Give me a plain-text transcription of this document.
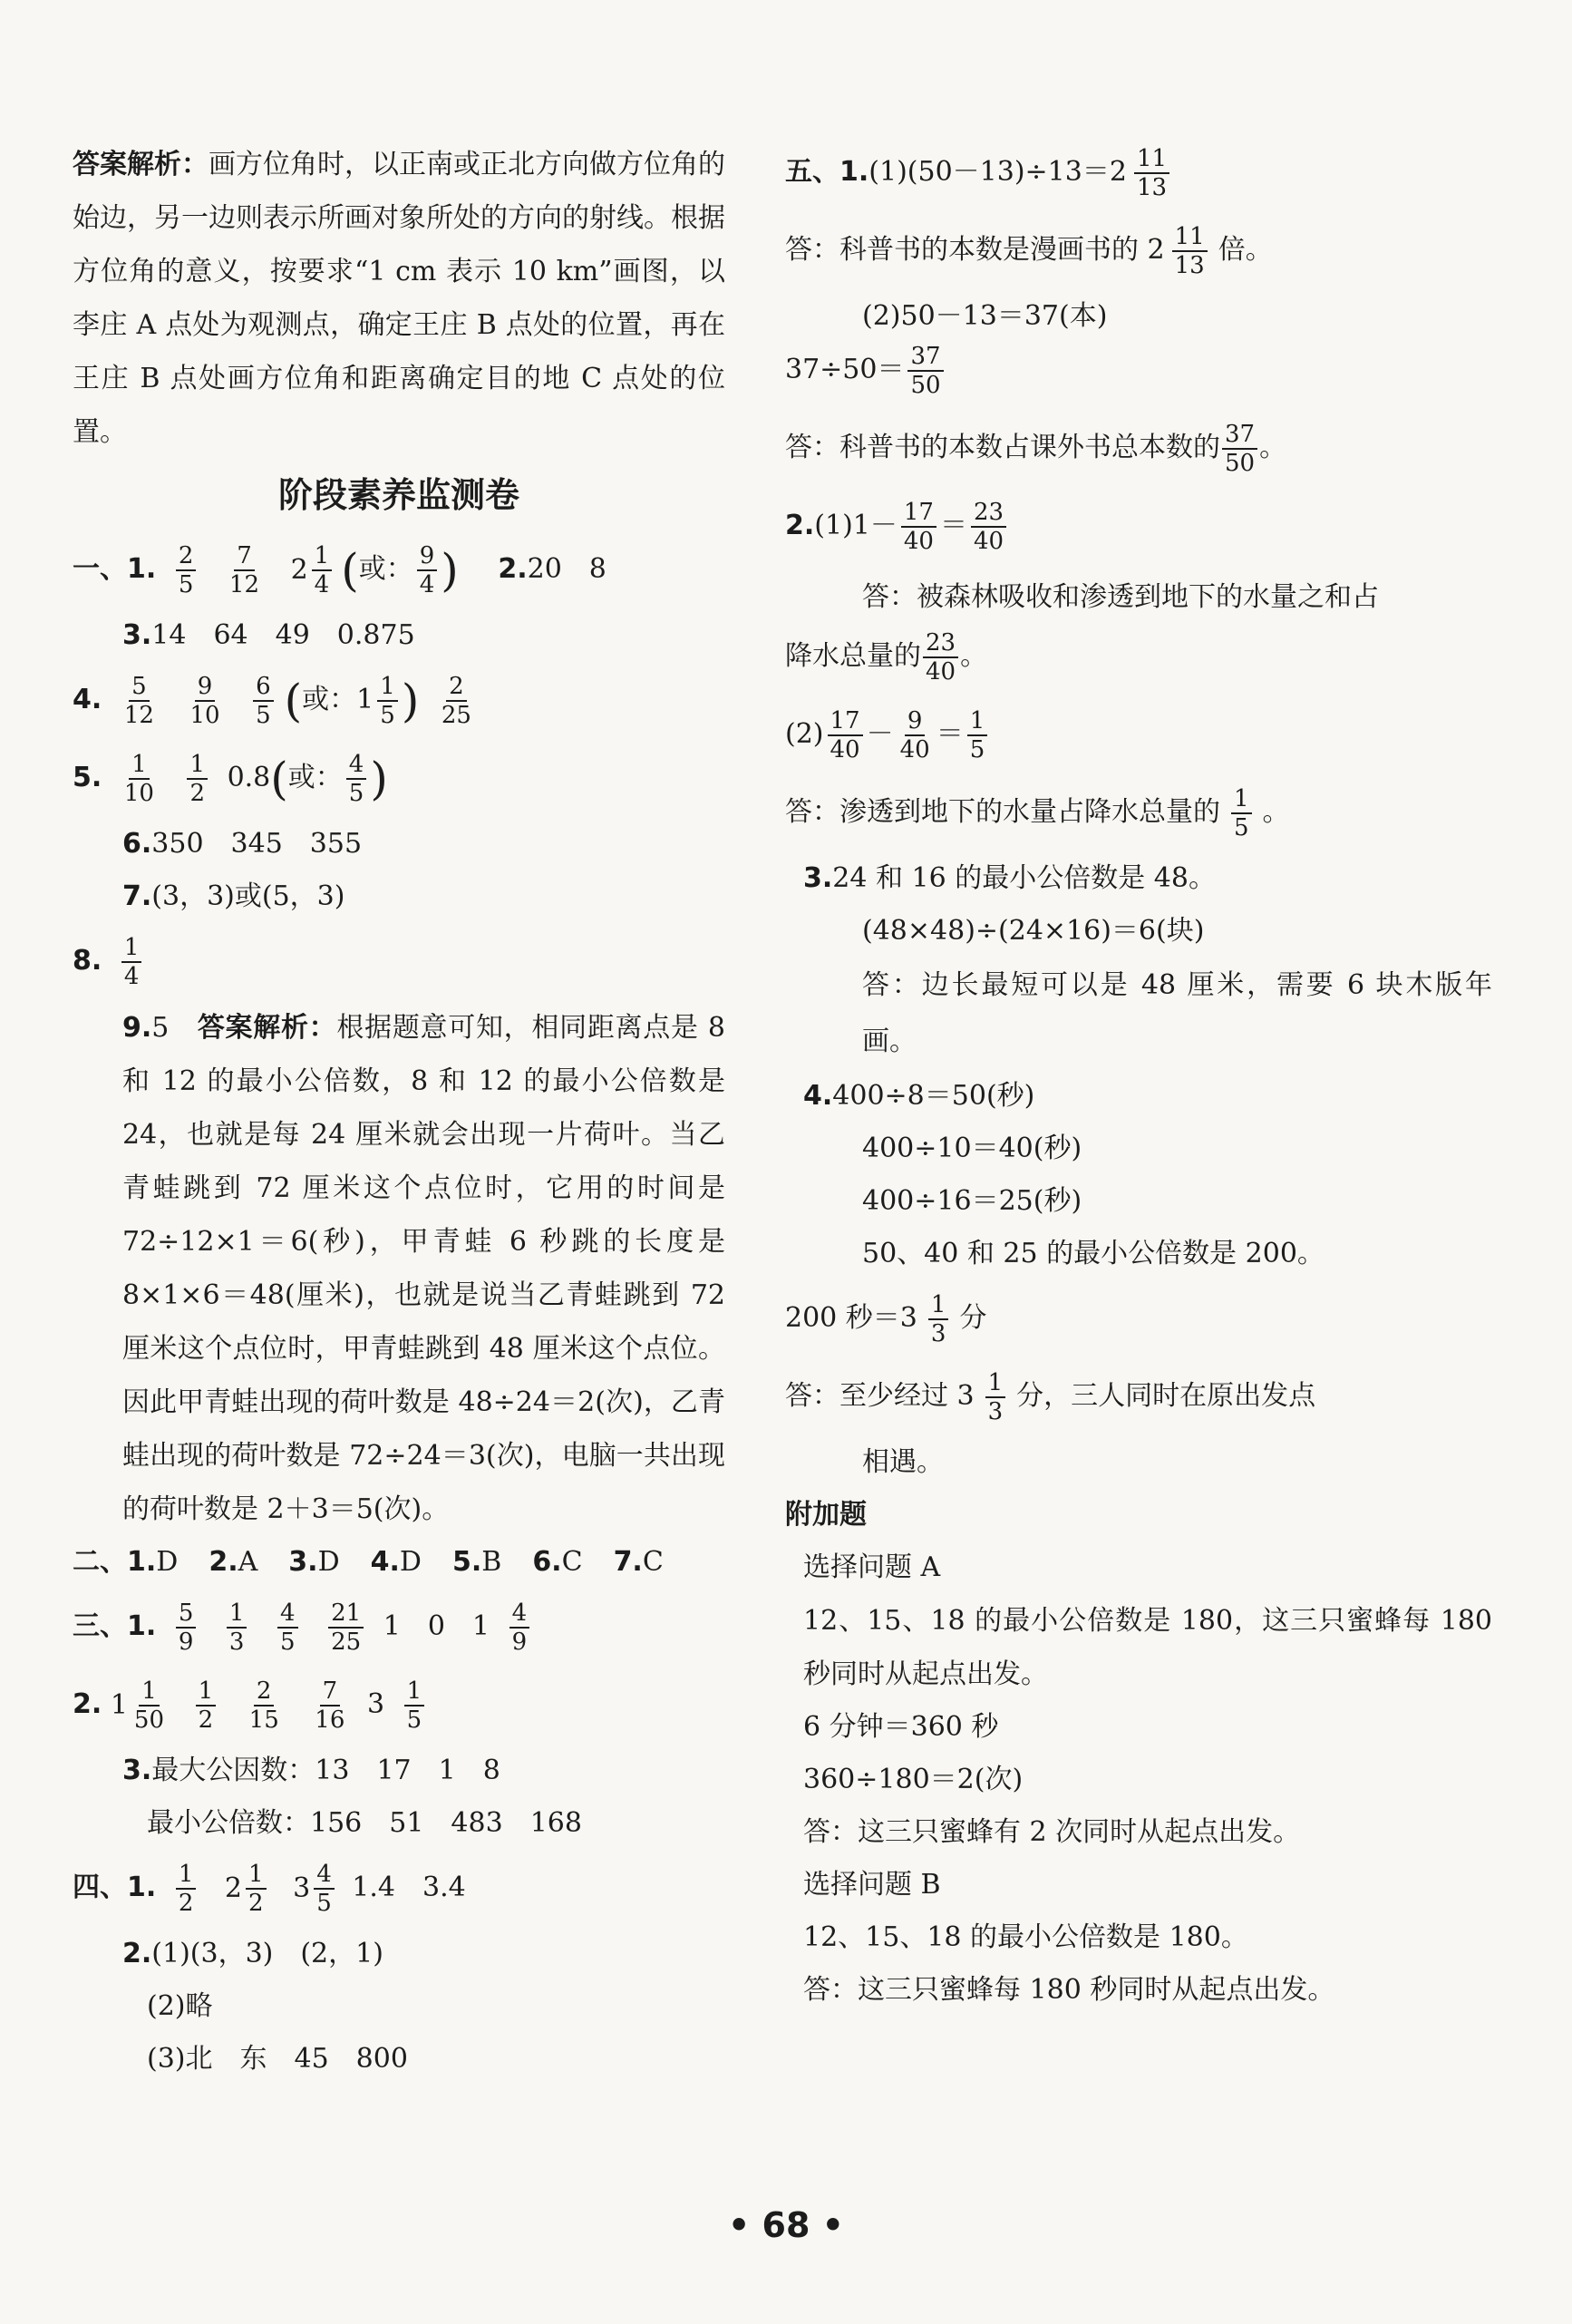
答案解析：画方位角时，以正南或正北方向做方位角的始边，另一边则表示所画对象所处的方向的射线。根据方位角的意义，按要求“1 cm 表示 10 km”画图，以李庄 A 点处为观测点，确定王庄 B 点处的位置，再在王庄 B 点处画方位角和距离确定目的地 C 点处的位置。
阶段素养监测卷
一、1. $\frac{2}{5}$
$\frac{7}{12}$
$2 \frac{1}{4}$ (或： $\frac{9}{4}$ ) 2.20　8
3.14　64　49　0.875
4. $\frac{5}{12}$
$\frac{9}{10}$
$\frac{6}{5}$ (或：$1 \frac{1}{5}$ ) $\frac{2}{25}$
5. $\frac{1}{10}$
$\frac{1}{2} 0.8$(或： $\frac{4}{5}$ )
6.350　345　355
7.(3，3)或(5，3)
8. $\frac{1}{4}$
9.5　 答案解析：根据题意可知，相同距离点是 8 和 12 的最小公倍数，8 和 12 的最小公倍数是 24，也就是每 24 厘米就会出现一片荷叶。当乙青蛙跳到 72 厘米这个点位时，它用的时间是 72÷12×1＝6(秒)，甲青蛙 6 秒跳的长度是 8×1×6＝48(厘米)，也就是说当乙青蛙跳到 72 厘米这个点位时，甲青蛙跳到 48 厘米这个点位。因此甲青蛙出现的荷叶数是 48÷24＝2(次)，乙青蛙出现的荷叶数是 72÷24＝3(次)，电脑一共出现的荷叶数是 2＋3＝5(次)。
二、1.D 2.A 3.D 4.D 5.B 6.C 7.C
三、1. $\frac{5}{9}$
$\frac{1}{3}$
$\frac{4}{5}$
$\frac{21}{25} 1$　0　$1 \frac{4}{9}$
2. $1 \frac{1}{50}$
$\frac{1}{2}$
$\frac{2}{15}$
$\frac{7}{16} 3 \frac{1}{5}$
3.最大公因数：13　17　1　8
最小公倍数：156　51　483　168
四、1. $\frac{1}{2}$
$2 \frac{1}{2}$
$3 \frac{4}{5} 1.4$　3.4
2.(1)(3，3)　(2，1)
(2)略
(3)北　东　45　800
五、$1.(1)(50-13)\div 13=2 \frac{11}{13}$
答：科普书的本数是漫画书的 $2 \frac{11}{13}$ 倍。
(2)50－13＝37(本)
$37\div 50= \frac{37}{50}$
答：科普书的本数占课外书总本数的 $\frac{37}{50}$ 。
$2.(1)1- \frac{17}{40} = \frac{23}{40}$
答：被森林吸收和渗透到地下的水量之和占
降水总量的 $\frac{23}{40}$ 。
$(2) \frac{17}{40} - \frac{9}{40} = \frac{1}{5}$
答：渗透到地下的水量占降水总量的 $\frac{1}{5}$ 。
3.24 和 16 的最小公倍数是 48。
(48×48)÷(24×16)＝6(块)
答：边长最短可以是 48 厘米，需要 6 块木版年画。
4.400÷8＝50(秒)
400÷10＝40(秒)
400÷16＝25(秒)
50、40 和 25 的最小公倍数是 200。
200 秒$=3 \frac{1}{3}$ 分
答：至少经过 $3 \frac{1}{3}$ 分，三人同时在原出发点
相遇。
附加题
选择问题 A
12、15、18 的最小公倍数是 180，这三只蜜蜂每 180 秒同时从起点出发。
6 分钟＝360 秒
360÷180＝2(次)
答：这三只蜜蜂有 2 次同时从起点出发。
选择问题 B
12、15、18 的最小公倍数是 180。
答：这三只蜜蜂每 180 秒同时从起点出发。
• 68 •
